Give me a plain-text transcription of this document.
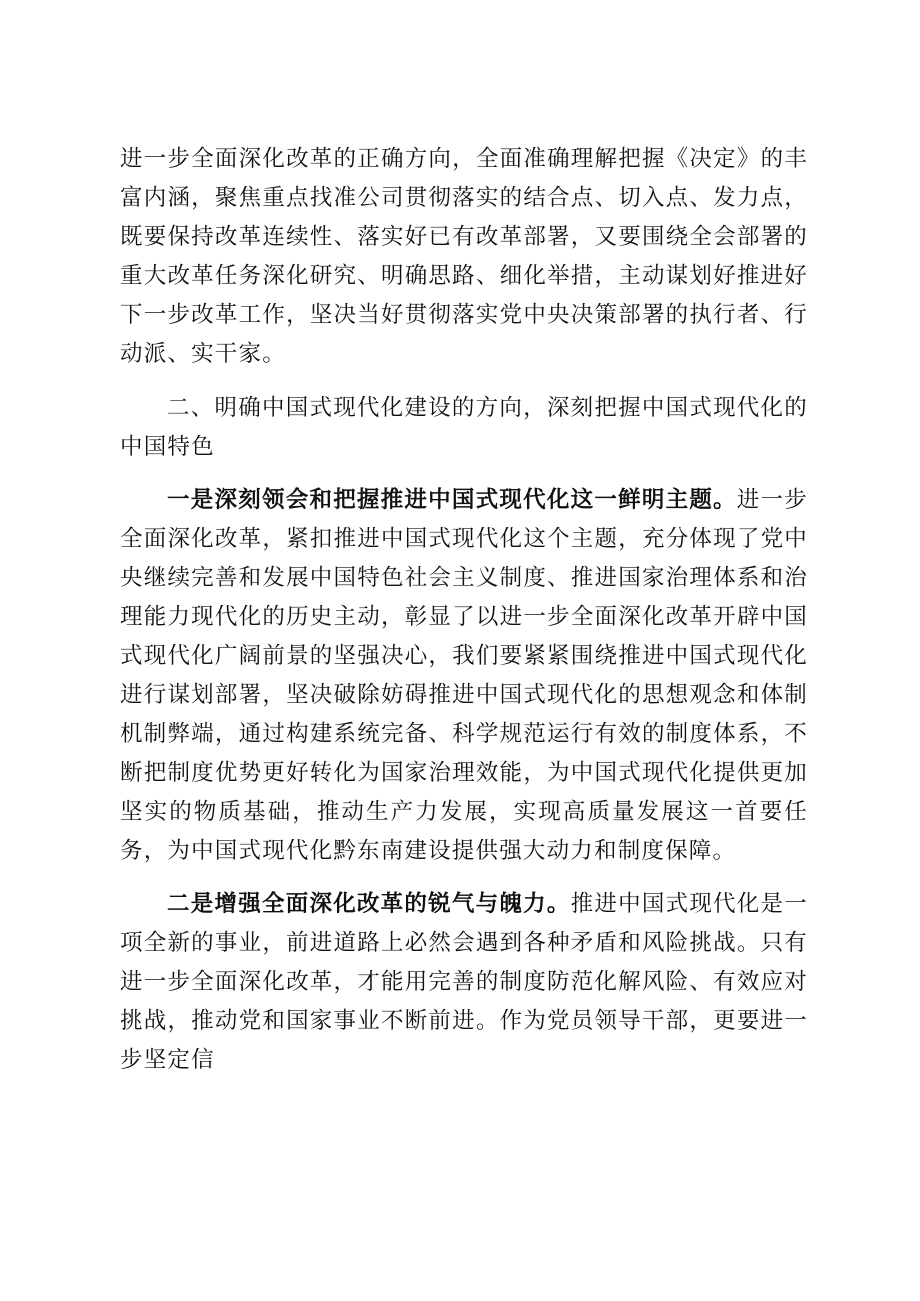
进一步全面深化改革的正确方向，全面准确理解把握《决定》的丰富内涵，聚焦重点找准公司贯彻落实的结合点、切入点、发力点，既要保持改革连续性、落实好已有改革部署，又要围绕全会部署的重大改革任务深化研究、明确思路、细化举措，主动谋划好推进好下一步改革工作，坚决当好贯彻落实党中央决策部署的执行者、行动派、实干家。

二、明确中国式现代化建设的方向，深刻把握中国式现代化的中国特色

一是深刻领会和把握推进中国式现代化这一鲜明主题。进一步全面深化改革，紧扣推进中国式现代化这个主题，充分体现了党中央继续完善和发展中国特色社会主义制度、推进国家治理体系和治理能力现代化的历史主动，彰显了以进一步全面深化改革开辟中国式现代化广阔前景的坚强决心，我们要紧紧围绕推进中国式现代化进行谋划部署，坚决破除妨碍推进中国式现代化的思想观念和体制机制弊端，通过构建系统完备、科学规范运行有效的制度体系，不断把制度优势更好转化为国家治理效能，为中国式现代化提供更加坚实的物质基础，推动生产力发展，实现高质量发展这一首要任务，为中国式现代化黔东南建设提供强大动力和制度保障。

二是增强全面深化改革的锐气与魄力。推进中国式现代化是一项全新的事业，前进道路上必然会遇到各种矛盾和风险挑战。只有进一步全面深化改革，才能用完善的制度防范化解风险、有效应对挑战，推动党和国家事业不断前进。作为党员领导干部，更要进一步坚定信
